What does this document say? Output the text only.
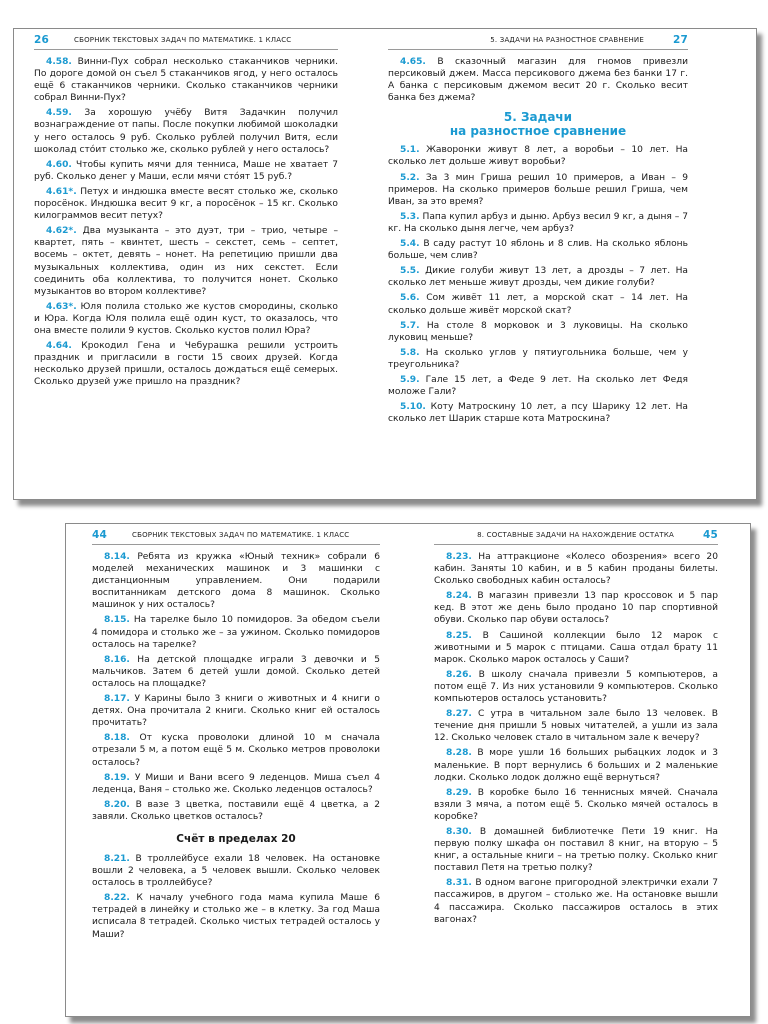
26	СБОРНИК ТЕКСТОВЫХ ЗАДАЧ ПО МАТЕМАТИКЕ. 1 КЛАСС
4.58. Винни-Пух собрал несколько стаканчиков черники. По дороге домой он съел 5 стаканчиков ягод, у него осталось ещё 6 стаканчиков черники. Сколько стаканчиков черники собрал Винни-Пух?
4.59. За хорошую учёбу Витя Задачкин получил вознаграждение от папы. После покупки любимой шоколадки у него осталось 9 руб. Сколько рублей получил Витя, если шоколад стóит столько же, сколько рублей у него осталось?
4.60. Чтобы купить мячи для тенниса, Маше не хватает 7 руб. Сколько денег у Маши, если мячи стóят 15 руб.?
4.61*. Петух и индюшка вместе весят столько же, сколько поросёнок. Индюшка весит 9 кг, а поросёнок – 15 кг. Сколько килограммов весит петух?
4.62*. Два музыканта – это дуэт, три – трио, четыре – квартет, пять – квинтет, шесть – секстет, семь – септет, восемь – октет, девять – нонет. На репетицию пришли два музыкальных коллектива, один из них секстет. Если соединить оба коллектива, то получится нонет. Сколько музыкантов во втором коллективе?
4.63*. Юля полила столько же кустов смородины, сколько и Юра. Когда Юля полила ещё один куст, то оказалось, что она вместе полили 9 кустов. Сколько кустов полил Юра?
4.64. Крокодил Гена и Чебурашка решили устроить праздник и пригласили в гости 15 своих друзей. Когда несколько друзей пришли, осталось дождаться ещё семерых. Сколько друзей уже пришло на праздник?
5. ЗАДАЧИ НА РАЗНОСТНОЕ СРАВНЕНИЕ	27
4.65. В сказочный магазин для гномов привезли персиковый джем. Масса персикового джема без банки 17 г. А банка с персиковым джемом весит 20 г. Сколько весит банка без джема?
5. Задачи
на разностное сравнение
5.1. Жаворонки живут 8 лет, а воробьи – 10 лет. На сколько лет дольше живут воробьи?
5.2. За 3 мин Гриша решил 10 примеров, а Иван – 9 примеров. На сколько примеров больше решил Гриша, чем Иван, за это время?
5.3. Папа купил арбуз и дыню. Арбуз весил 9 кг, а дыня – 7 кг. На сколько дыня легче, чем арбуз?
5.4. В саду растут 10 яблонь и 8 слив. На сколько яблонь больше, чем слив?
5.5. Дикие голуби живут 13 лет, а дрозды – 7 лет. На сколько лет меньше живут дрозды, чем дикие голуби?
5.6. Сом живёт 11 лет, а морской скат – 14 лет. На сколько дольше живёт морской скат?
5.7. На столе 8 морковок и 3 луковицы. На сколько луковиц меньше?
5.8. На сколько углов у пятиугольника больше, чем у треугольника?
5.9. Гале 15 лет, а Феде 9 лет. На сколько лет Федя моложе Гали?
5.10. Коту Матроскину 10 лет, а псу Шарику 12 лет. На сколько лет Шарик старше кота Матроскина?
44	СБОРНИК ТЕКСТОВЫХ ЗАДАЧ ПО МАТЕМАТИКЕ. 1 КЛАСС
8.14. Ребята из кружка «Юный техник» собрали 6 моделей механических машинок и 3 машинки с дистанционным управлением. Они подарили воспитанникам детского дома 8 машинок. Сколько машинок у них осталось?
8.15. На тарелке было 10 помидоров. За обедом съели 4 помидора и столько же – за ужином. Сколько помидоров осталось на тарелке?
8.16. На детской площадке играли 3 девочки и 5 мальчиков. Затем 6 детей ушли домой. Сколько детей осталось на площадке?
8.17. У Карины было 3 книги о животных и 4 книги о детях. Она прочитала 2 книги. Сколько книг ей осталось прочитать?
8.18. От куска проволоки длиной 10 м сначала отрезали 5 м, а потом ещё 5 м. Сколько метров проволоки осталось?
8.19. У Миши и Вани всего 9 леденцов. Миша съел 4 леденца, Ваня – столько же. Сколько леденцов осталось?
8.20. В вазе 3 цветка, поставили ещё 4 цветка, а 2 завяли. Сколько цветков осталось?
Счёт в пределах 20
8.21. В троллейбусе ехали 18 человек. На остановке вошли 2 человека, а 5 человек вышли. Сколько человек осталось в троллейбусе?
8.22. К началу учебного года мама купила Маше 6 тетрадей в линейку и столько же – в клетку. За год Маша исписала 8 тетрадей. Сколько чистых тетрадей осталось у Маши?
8. СОСТАВНЫЕ ЗАДАЧИ НА НАХОЖДЕНИЕ ОСТАТКА	45
8.23. На аттракционе «Колесо обозрения» всего 20 кабин. Заняты 10 кабин, и в 5 кабин проданы билеты. Сколько свободных кабин осталось?
8.24. В магазин привезли 13 пар кроссовок и 5 пар кед. В этот же день было продано 10 пар спортивной обуви. Сколько пар обуви осталось?
8.25. В Сашиной коллекции было 12 марок с животными и 5 марок с птицами. Саша отдал брату 11 марок. Сколько марок осталось у Саши?
8.26. В школу сначала привезли 5 компьютеров, а потом ещё 7. Из них установили 9 компьютеров. Сколько компьютеров осталось установить?
8.27. С утра в читальном зале было 13 человек. В течение дня пришли 5 новых читателей, а ушли из зала 12. Сколько человек стало в читальном зале к вечеру?
8.28. В море ушли 16 больших рыбацких лодок и 3 маленькие. В порт вернулись 6 больших и 2 маленькие лодки. Сколько лодок должно ещё вернуться?
8.29. В коробке было 16 теннисных мячей. Сначала взяли 3 мяча, а потом ещё 5. Сколько мячей осталось в коробке?
8.30. В домашней библиотечке Пети 19 книг. На первую полку шкафа он поставил 8 книг, на вторую – 5 книг, а остальные книги – на третью полку. Сколько книг поставил Петя на третью полку?
8.31. В одном вагоне пригородной электрички ехали 7 пассажиров, в другом – столько же. На остановке вышли 4 пассажира. Сколько пассажиров осталось в этих вагонах?
